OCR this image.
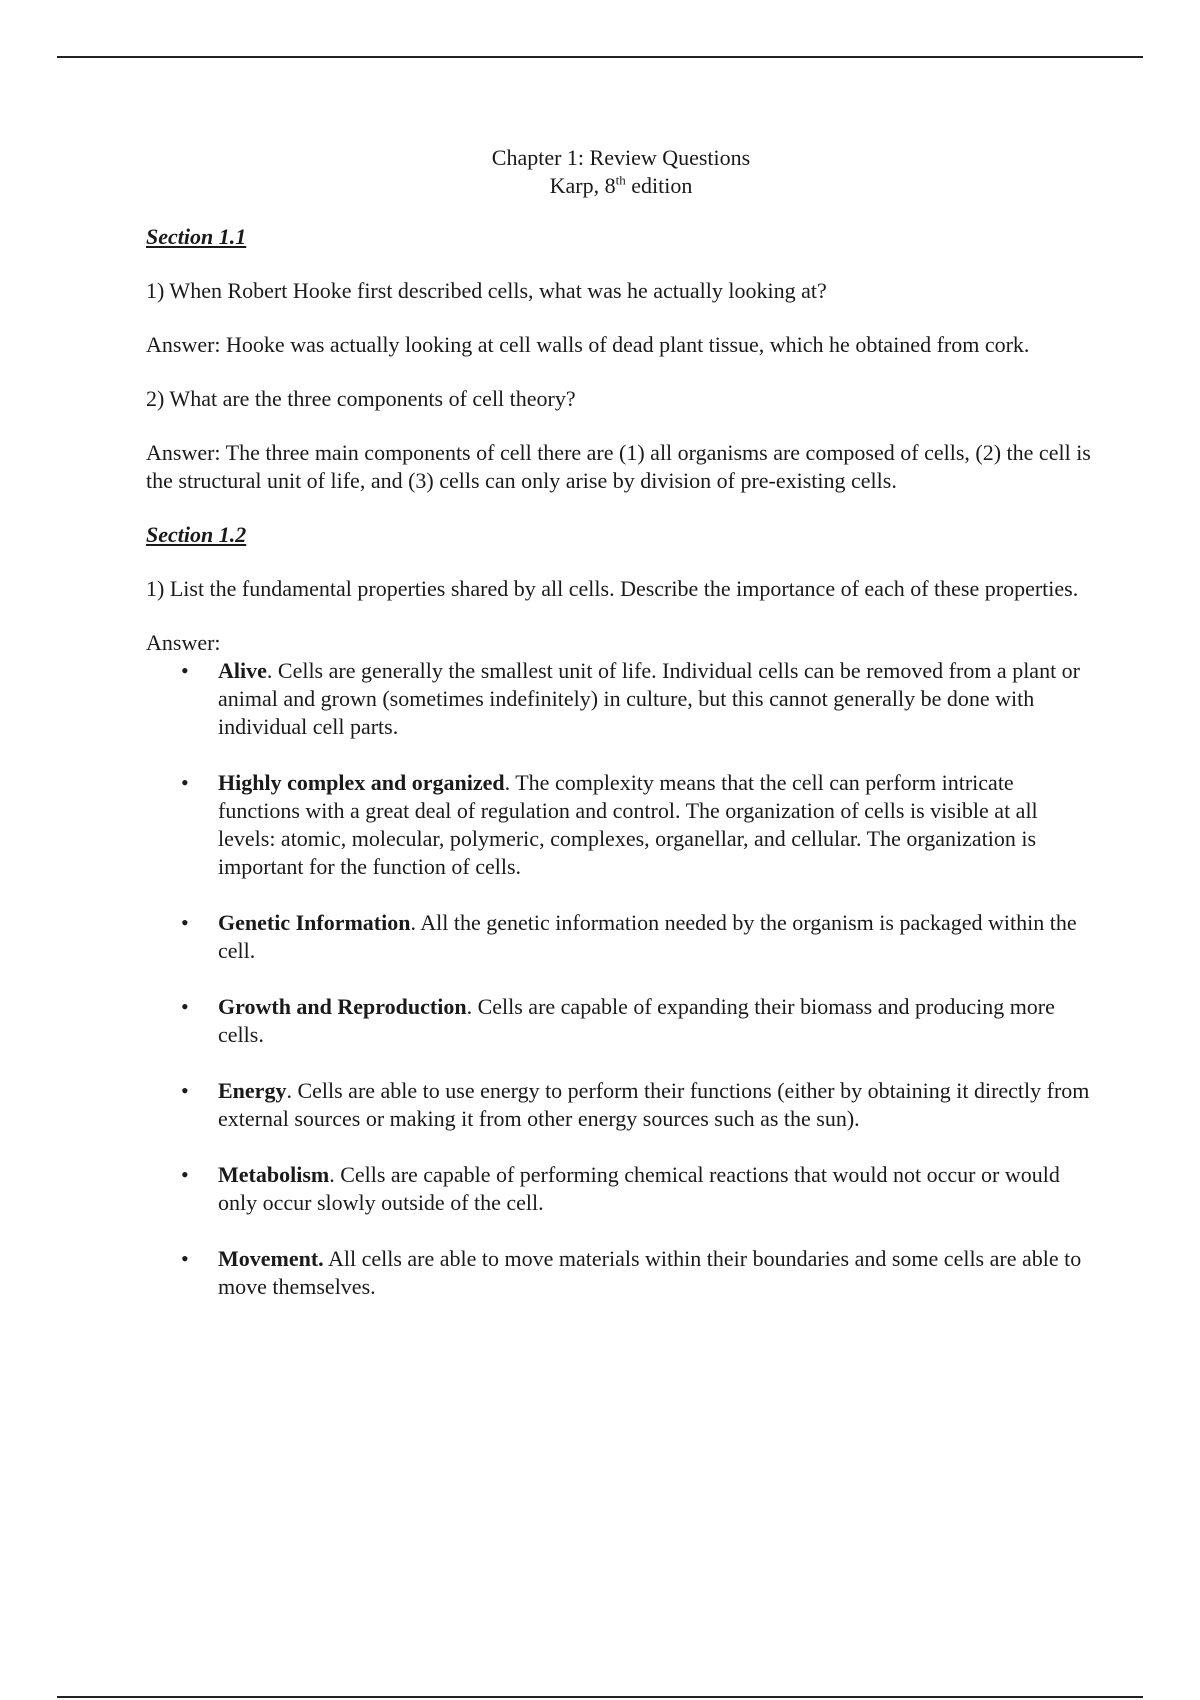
Chapter 1: Review Questions
Karp, 8th edition
Section 1.1

1) When Robert Hooke first described cells, what was he actually looking at?

Answer: Hooke was actually looking at cell walls of dead plant tissue, which he obtained from cork.

2) What are the three components of cell theory?

Answer: The three main components of cell there are (1) all organisms are composed of cells, (2) the cell is the structural unit of life, and (3) cells can only arise by division of pre-existing cells.

Section 1.2

1) List the fundamental properties shared by all cells. Describe the importance of each of these properties.

Answer:

• Alive. Cells are generally the smallest unit of life. Individual cells can be removed from a plant or animal and grown (sometimes indefinitely) in culture, but this cannot generally be done with individual cell parts.
• Highly complex and organized. The complexity means that the cell can perform intricate functions with a great deal of regulation and control. The organization of cells is visible at all levels: atomic, molecular, polymeric, complexes, organellar, and cellular. The organization is important for the function of cells.
• Genetic Information. All the genetic information needed by the organism is packaged within the cell.
• Growth and Reproduction. Cells are capable of expanding their biomass and producing more cells.
• Energy. Cells are able to use energy to perform their functions (either by obtaining it directly from external sources or making it from other energy sources such as the sun).
• Metabolism. Cells are capable of performing chemical reactions that would not occur or would only occur slowly outside of the cell.
• Movement. All cells are able to move materials within their boundaries and some cells are able to move themselves.
